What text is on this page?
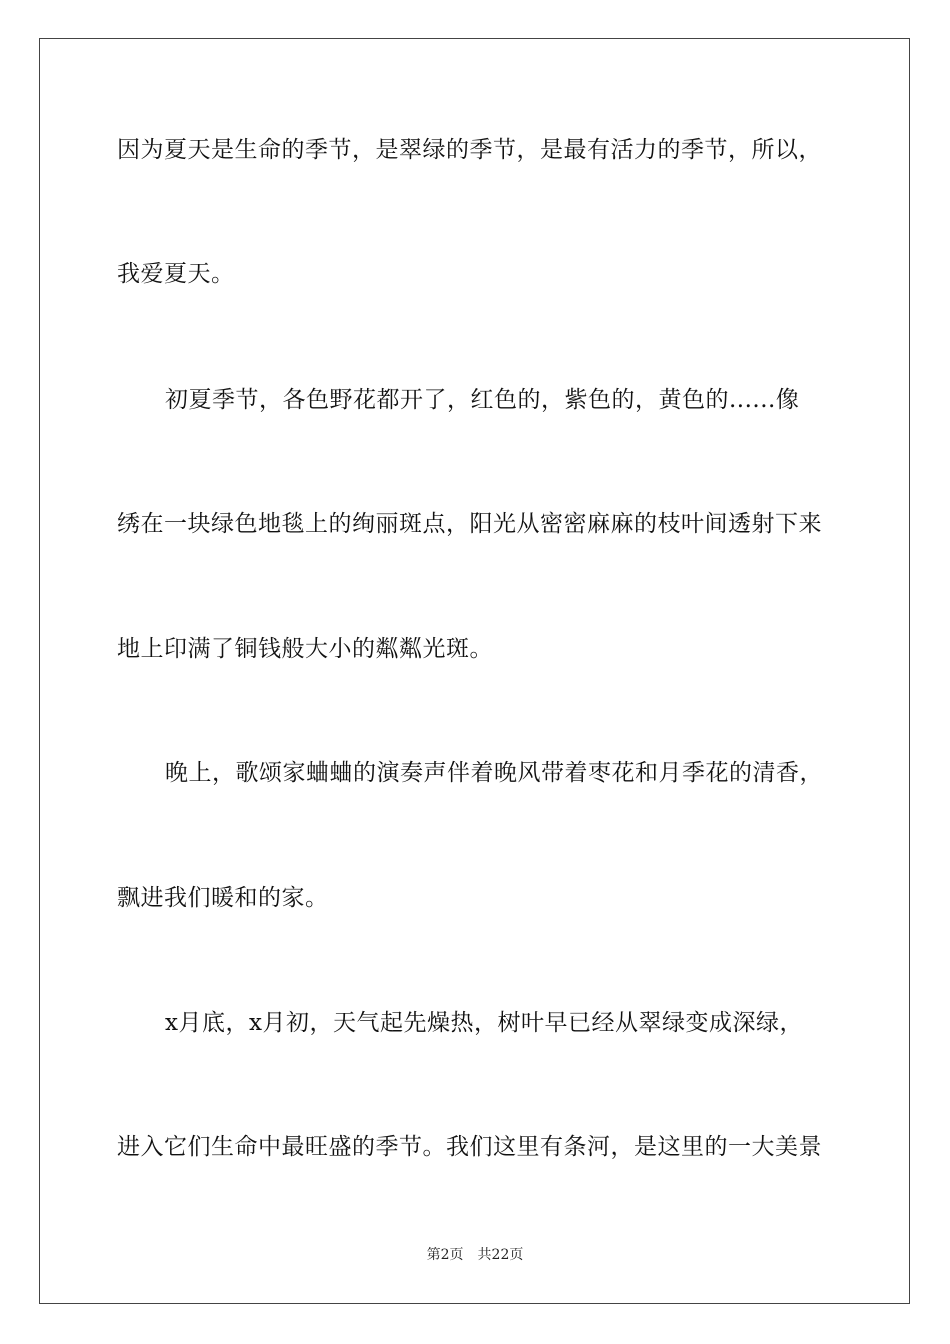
因为夏天是生命的季节，是翠绿的季节，是最有活力的季节，所以，
我爱夏天。
初夏季节，各色野花都开了，红色的，紫色的，黄色的......像
绣在一块绿色地毯上的绚丽斑点，阳光从密密麻麻的枝叶间透射下来
地上印满了铜钱般大小的粼粼光斑。
晚上，歌颂家蛐蛐的演奏声伴着晚风带着枣花和月季花的清香，
飘进我们暖和的家。
x月底，x月初，天气起先燥热，树叶早已经从翠绿变成深绿，
进入它们生命中最旺盛的季节。我们这里有条河，是这里的一大美景
第2页 共22页
